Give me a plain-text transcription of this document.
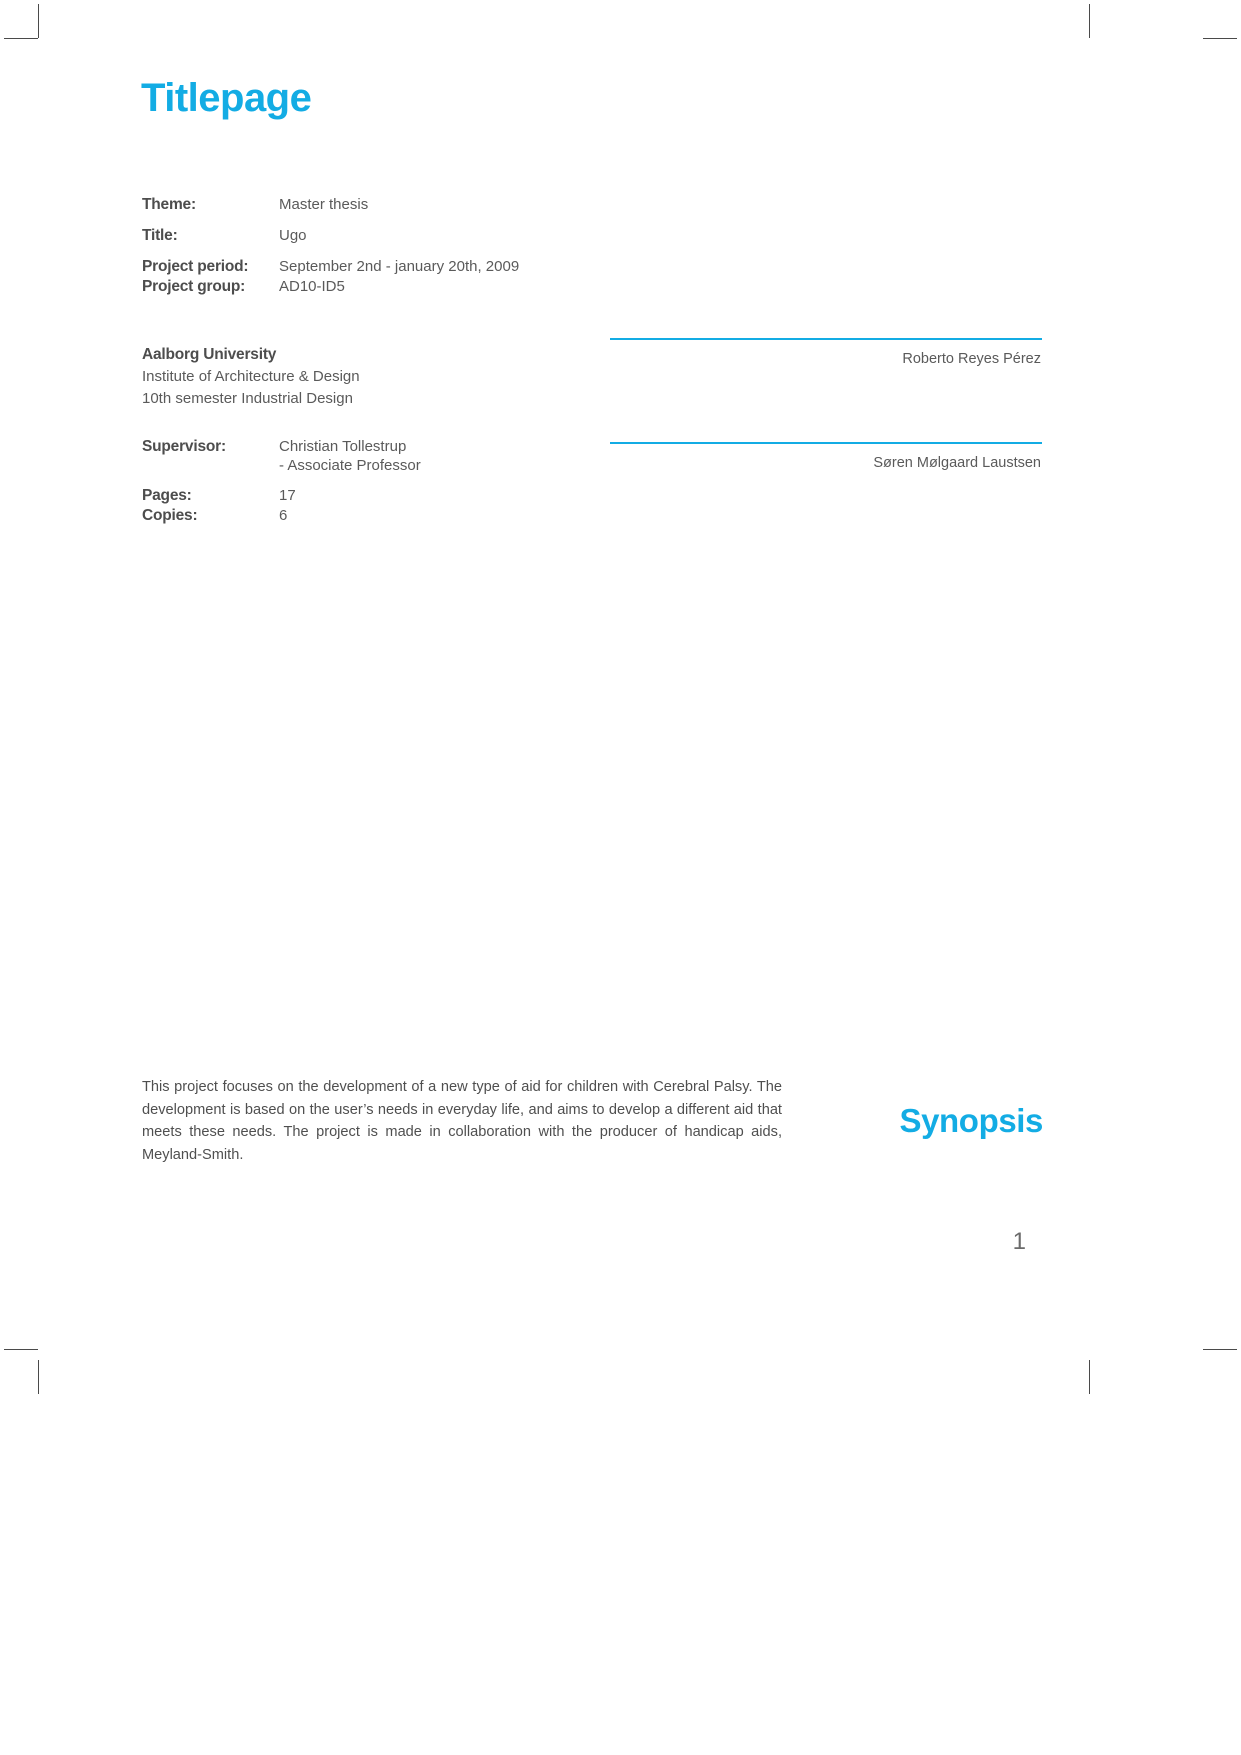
Titlepage
Theme:	Master thesis
Title:	Ugo
Project period:	September 2nd - january 20th, 2009
Project group:	AD10-ID5
Aalborg University
Institute of Architecture & Design
10th semester Industrial Design
Supervisor:	Christian Tollestrup
- Associate Professor
Pages:	17
Copies:	6
Roberto Reyes Pérez
Søren Mølgaard Laustsen
This project focuses on the development of a new type of aid for children with Cerebral Palsy. The development is based on the user’s needs in everyday life, and aims to develop a different aid that meets these needs. The project is made in collaboration with the producer of handicap aids, Meyland-Smith.
Synopsis
1
